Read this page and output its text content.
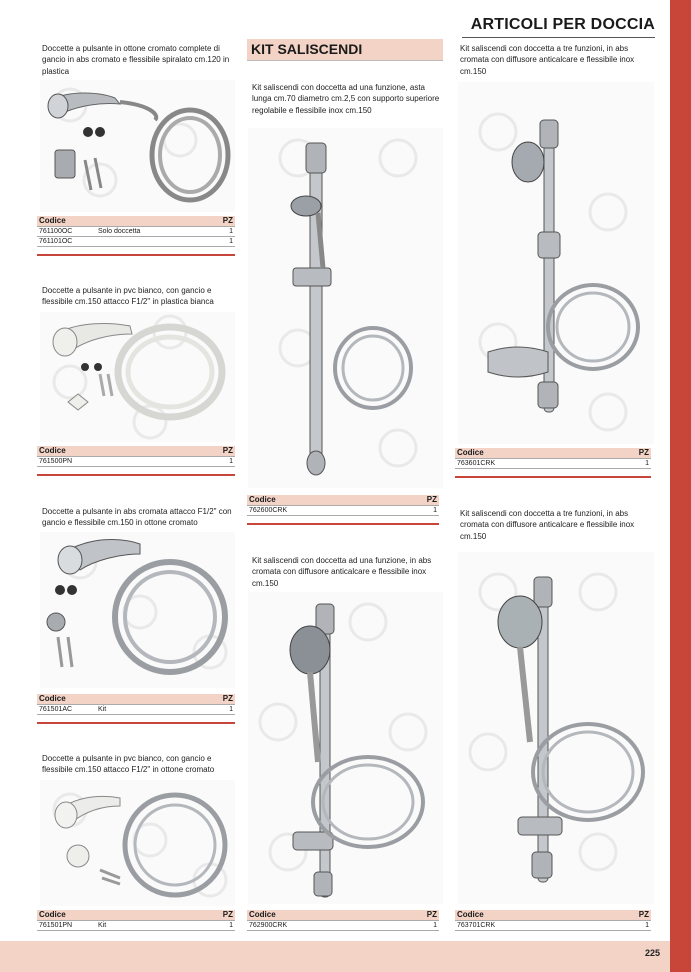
ARTICOLI PER DOCCIA
KIT SALISCENDI
Doccette a pulsante in ottone cromato complete di gancio in abs cromato e flessibile spiralato cm.120 in plastica
Codice		PZ
761100OC	Solo doccetta	1
761101OC		1
Doccette a pulsante in pvc bianco, con gancio e flessibile cm.150 attacco F1/2" in plastica bianca
Codice		PZ
761500PN		1
Doccette a pulsante in abs cromata attacco F1/2" con gancio e flessibile cm.150 in ottone cromato
Codice		PZ
761501AC	Kit	1
Doccette a pulsante in pvc bianco, con gancio e flessibile cm.150 attacco F1/2" in ottone cromato
Codice		PZ
761501PN	Kit	1
Kit saliscendi con doccetta ad una funzione, asta lunga cm.70 diametro cm.2,5 con supporto superiore regolabile e flessibile inox cm.150
Codice		PZ
762600CRK		1
Kit saliscendi con doccetta ad una funzione, in abs cromata con diffusore anticalcare e flessibile inox cm.150
Codice		PZ
762900CRK		1
Kit saliscendi con doccetta a tre funzioni, in abs cromata con diffusore anticalcare e flessibile inox cm.150
Codice		PZ
763601CRK		1
Kit saliscendi con doccetta a tre funzioni, in abs cromata con diffusore anticalcare e flessibile inox cm.150
Codice		PZ
763701CRK		1
225
